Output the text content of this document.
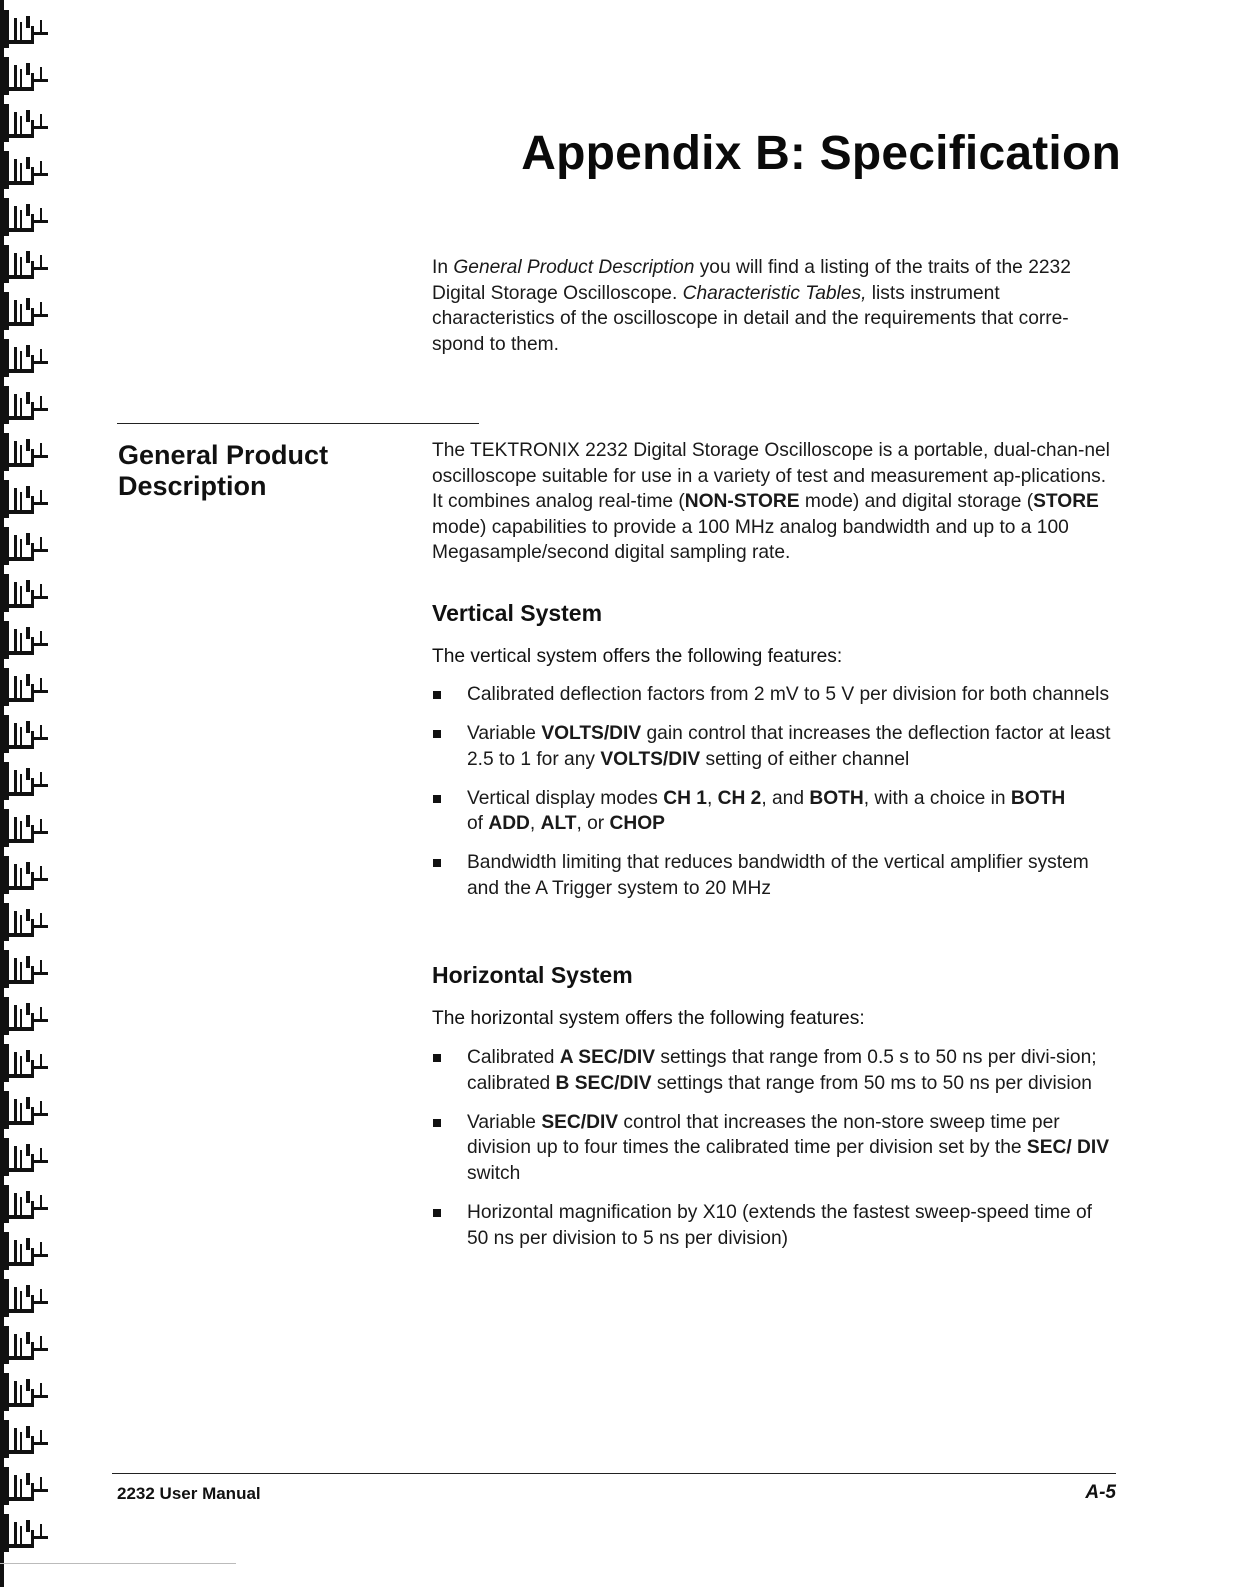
Appendix B: Specification

In General Product Description you will find a listing of the traits of the 2232 Digital Storage Oscilloscope. Characteristic Tables, lists instrument characteristics of the oscilloscope in detail and the requirements that corre-spond to them.

General Product
Description

The TEKTRONIX 2232 Digital Storage Oscilloscope is a portable, dual-chan-nel oscilloscope suitable for use in a variety of test and measurement ap-plications. It combines analog real-time (NON-STORE mode) and digital storage (STORE mode) capabilities to provide a 100 MHz analog bandwidth and up to a 100 Megasample/second digital sampling rate.

Vertical System

The vertical system offers the following features:

Calibrated deflection factors from 2 mV to 5 V per division for both channels
Variable VOLTS/DIV gain control that increases the deflection factor at least 2.5 to 1 for any VOLTS/DIV setting of either channel
Vertical display modes CH 1, CH 2, and BOTH, with a choice in BOTH
of ADD, ALT, or CHOP
Bandwidth limiting that reduces bandwidth of the vertical amplifier system and the A Trigger system to 20 MHz
Horizontal System

The horizontal system offers the following features:

Calibrated A SEC/DIV settings that range from 0.5 s to 50 ns per divi-sion; calibrated B SEC/DIV settings that range from 50 ms to 50 ns per division
Variable SEC/DIV control that increases the non-store sweep time per division up to four times the calibrated time per division set by the SEC/ DIV switch
Horizontal magnification by X10 (extends the fastest sweep-speed time of 50 ns per division to 5 ns per division)

2232 User Manual	A-5
